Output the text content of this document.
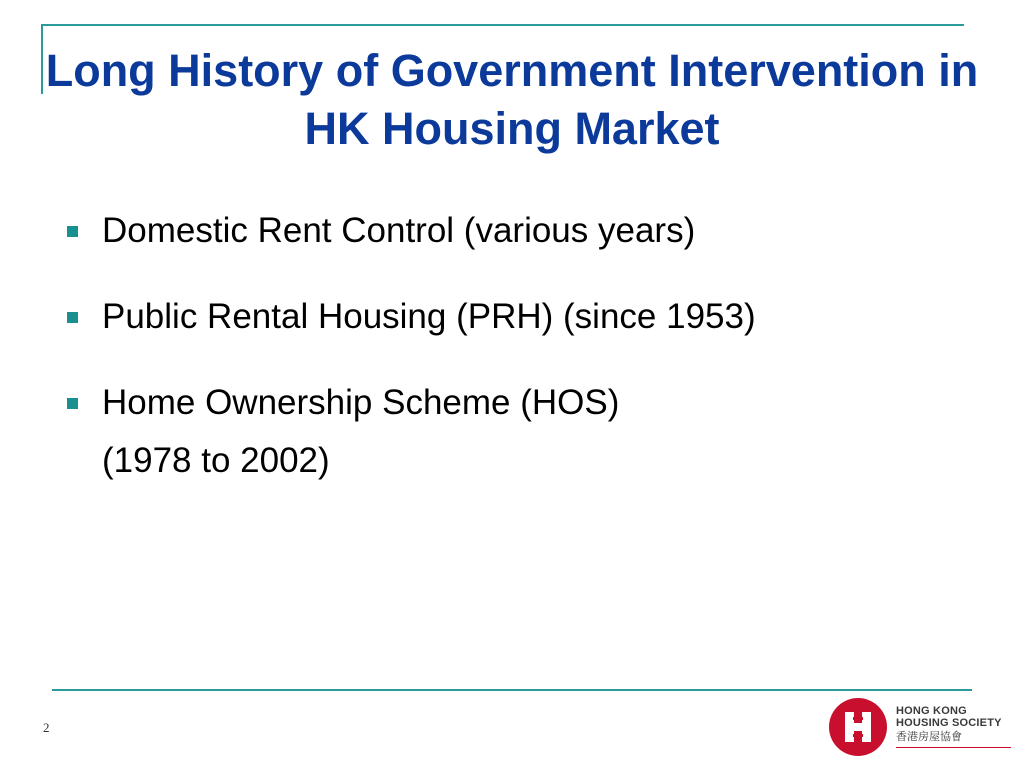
Long History of Government Intervention in HK Housing Market
Domestic Rent Control (various years)
Public Rental Housing (PRH) (since 1953)
Home Ownership Scheme (HOS)
(1978 to 2002)
2
HONG KONG
HOUSING SOCIETY
香港房屋協會
